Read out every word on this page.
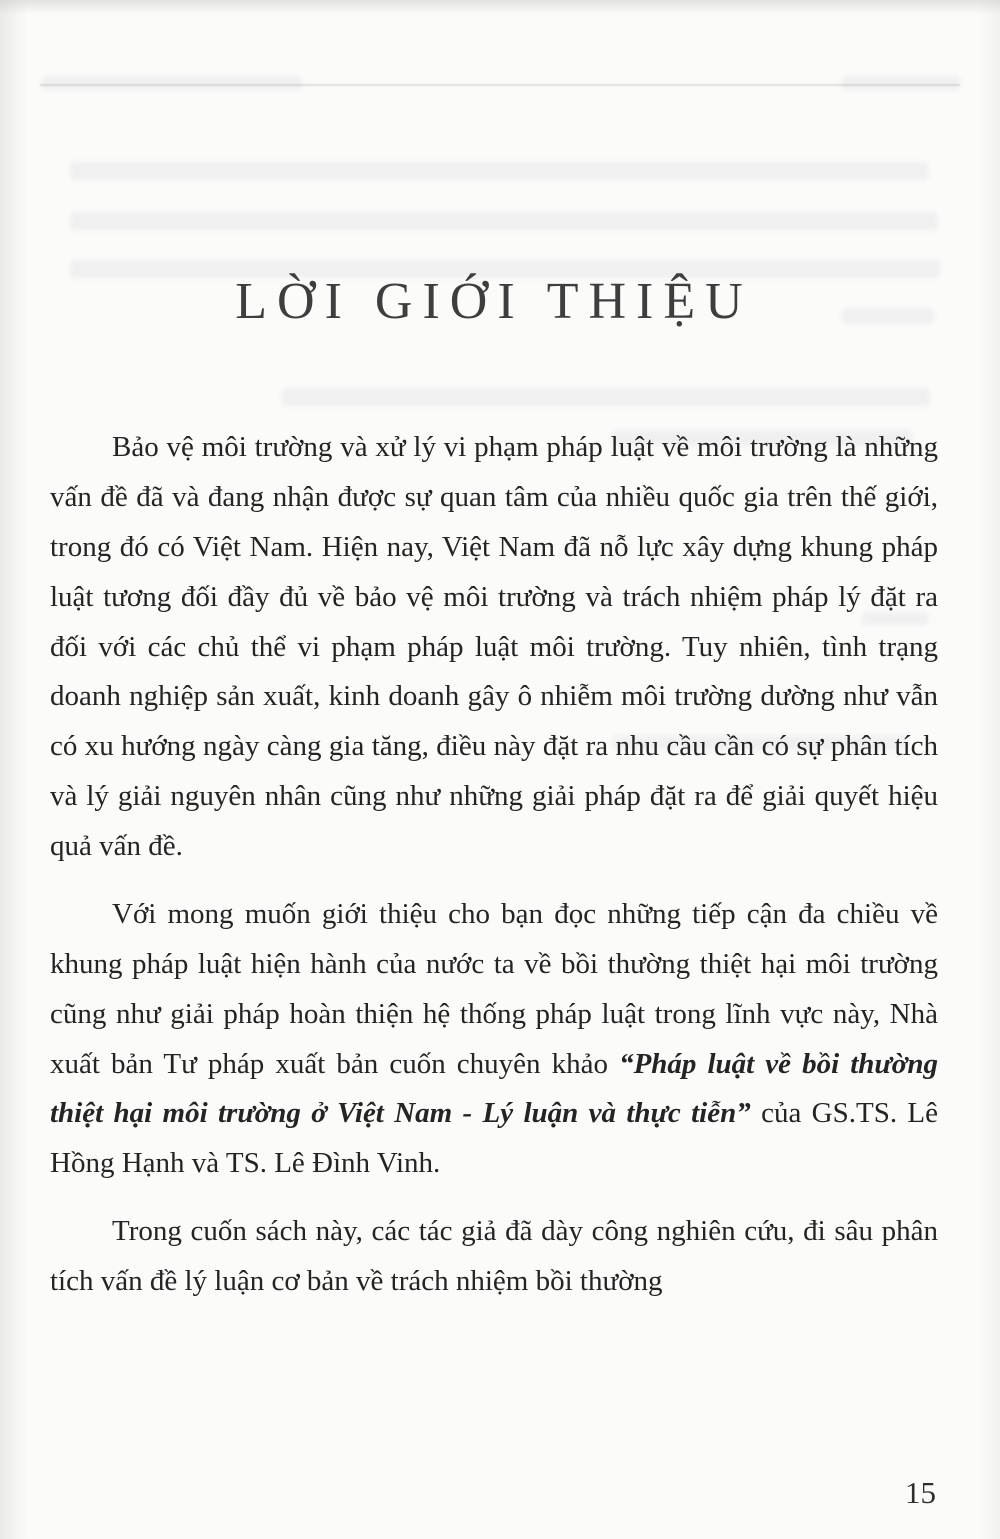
LỜI GIỚI THIỆU

Bảo vệ môi trường và xử lý vi phạm pháp luật về môi trường là những vấn đề đã và đang nhận được sự quan tâm của nhiều quốc gia trên thế giới, trong đó có Việt Nam. Hiện nay, Việt Nam đã nỗ lực xây dựng khung pháp luật tương đối đầy đủ về bảo vệ môi trường và trách nhiệm pháp lý đặt ra đối với các chủ thể vi phạm pháp luật môi trường. Tuy nhiên, tình trạng doanh nghiệp sản xuất, kinh doanh gây ô nhiễm môi trường dường như vẫn có xu hướng ngày càng gia tăng, điều này đặt ra nhu cầu cần có sự phân tích và lý giải nguyên nhân cũng như những giải pháp đặt ra để giải quyết hiệu quả vấn đề.

Với mong muốn giới thiệu cho bạn đọc những tiếp cận đa chiều về khung pháp luật hiện hành của nước ta về bồi thường thiệt hại môi trường cũng như giải pháp hoàn thiện hệ thống pháp luật trong lĩnh vực này, Nhà xuất bản Tư pháp xuất bản cuốn chuyên khảo “Pháp luật về bồi thường thiệt hại môi trường ở Việt Nam - Lý luận và thực tiễn” của GS.TS. Lê Hồng Hạnh và TS. Lê Đình Vinh.

Trong cuốn sách này, các tác giả đã dày công nghiên cứu, đi sâu phân tích vấn đề lý luận cơ bản về trách nhiệm bồi thường

15
